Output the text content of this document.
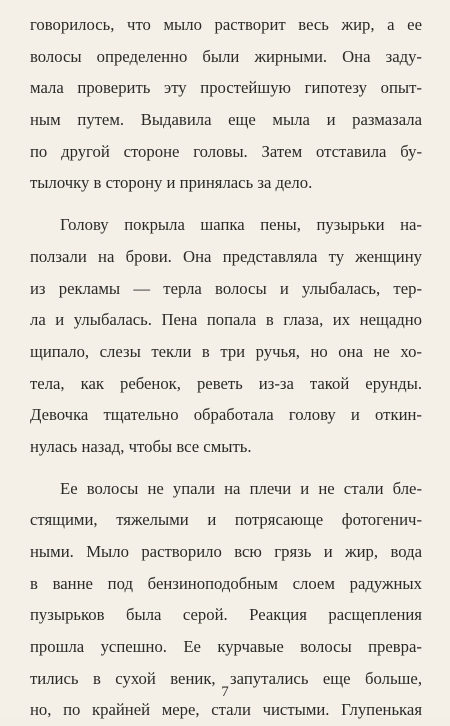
говорилось, что мыло растворит весь жир, а ее
волосы определенно были жирными. Она заду-
мала проверить эту простейшую гипотезу опыт-
ным путем. Выдавила еще мыла и размазала
по другой стороне головы. Затем отставила бу-
тылочку в сторону и принялась за дело.
Голову покрыла шапка пены, пузырьки на-
ползали на брови. Она представляла ту женщину
из рекламы — терла волосы и улыбалась, тер-
ла и улыбалась. Пена попала в глаза, их нещадно
щипало, слезы текли в три ручья, но она не хо-
тела, как ребенок, реветь из-за такой ерунды.
Девочка тщательно обработала голову и откин-
нулась назад, чтобы все смыть.
Ее волосы не упали на плечи и не стали бле-
стящими, тяжелыми и потрясающе фотогенич-
ными. Мыло растворило всю грязь и жир, вода
в ванне под бензиноподобным слоем радужных
пузырьков была серой. Реакция расщепления
прошла успешно. Ее курчавые волосы превра-
тились в сухой веник, запутались еще больше,
но, по крайней мере, стали чистыми. Глупенькая
7
